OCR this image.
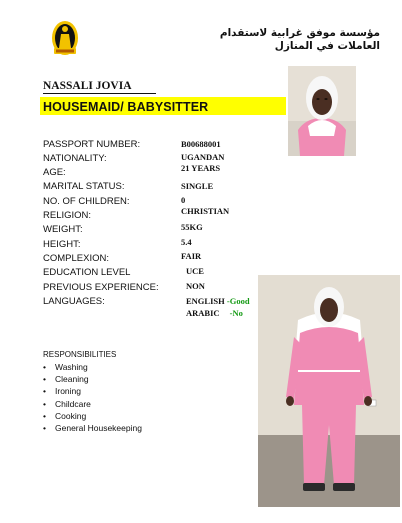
مؤسسة موفق غرابية لاستقدام العاملات في المنازل
NASSALI JOVIA
HOUSEMAID/ BABYSITTER
PASSPORT NUMBER:	B00688001
NATIONALITY:	UGANDAN
AGE:	21 YEARS
MARITAL STATUS:	SINGLE
NO. OF CHILDREN:	0
RELIGION:	CHRISTIAN
WEIGHT:	55KG
HEIGHT:	5.4
COMPLEXION:	FAIR
EDUCATION LEVEL	UCE
PREVIOUS EXPERIENCE:	NON
LANGUAGES:	ENGLISH -Good
ARABIC -No
RESPONSIBILITIES
• Washing
• Cleaning
• Ironing
• Childcare
• Cooking
• General Housekeeping
